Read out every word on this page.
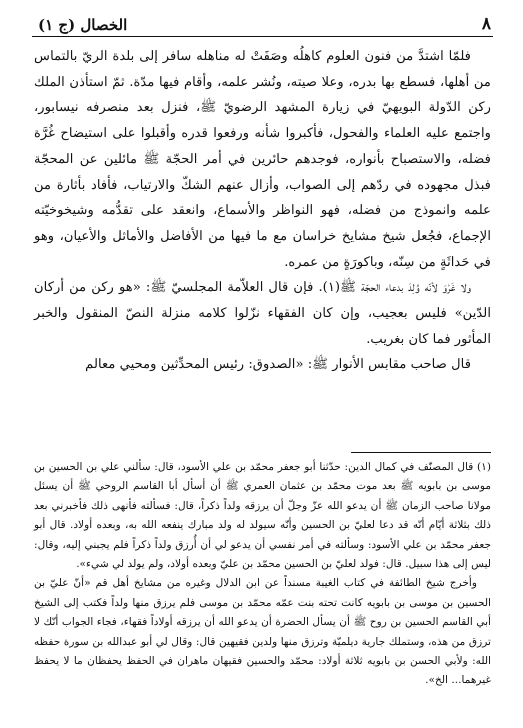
٨
الخصال (ج ١)

فلمّا اشتدَّ من فنون العلوم كاهلُه وصَفَتْ له مناهله سافر إلى بلدة الريّ بالتماس من أهلها، فسطع بها بدره، وعلا صيته، ونُشر علمه، وأقام فيها مدّة. ثمّ استأذن الملك ركن الدّولة البويهيّ في زيارة المشهد الرضويّ ﷺ، فنزل بعد منصرفه نيسابور، واجتمع عليه العلماء والفحول، فأكبروا شأنه ورفعوا قدره وأقبلوا على استيضاح غُرَّة فضله، والاستصباح بأنواره، فوجدهم حائرين في أمر الحجّة ﷺ مائلين عن المحجّة فبذل مجهوده في ردّهم إلى الصواب، وأزال عنهم الشكّ والارتياب، فأفاد بأثارة من علمه وانموذج من فضله، فهو النواظر والأسماع، وانعقد على تقدُّمه وشيخوخيّته الإجماع، فجُعل شيخ مشايخ خراسان مع ما فيها من الأفاضل والأماثل والأعيان، وهو في حَداثَةٍ من سِنّه، وباكورَةٍ من عمره.

ولا غَرْوَ لأنّه وُلِدَ بدعاء الحجّة ﷺ(١). فإن قال العلاّمة المجلسيّ ﷺ: «هو ركن من أركان الدّين» فليس بعجيب، وإن كان الفقهاء نزّلوا كلامه منزلة النصّ المنقول والخبر المأثور فما كان بغريب.

قال صاحب مقابس الأنوار ﷺ: «الصدوق: رئيس المحدِّثين ومحيي معالم

(١) قال المصنّف في كمال الدين: حدّثنا أبو جعفر محمّد بن علي الأسود، قال: سألني علي بن الحسين بن موسى بن بابويه ﷺ بعد موت محمّد بن عثمان العمري ﷺ أن أسأل أبا القاسم الروحي ﷺ أن يسئل مولانا صاحب الزمان ﷺ أن يدعو الله عزّ وجلّ أن يرزقه ولداً ذكراً، قال: فسألته فأنهى ذلك فأخبرني بعد ذلك بثلاثة أيّام أنّه قد دعا لعليّ بن الحسين وأنّه سيولد له ولد مبارك ينفعه الله به، وبعده أولاد. قال أبو جعفر محمّد بن علي الأسود: وسألته في أمر نفسي أن يدعو لي أن أُرزق ولداً ذكراً فلم يجبني إليه، وقال: ليس إلى هذا سبيل. قال: فولد لعليّ بن الحسين محمّد بن عليّ وبعده أولاد، ولم يولد لي شيء».

وأخرج شيخ الطائفة في كتاب الغيبة مسنداً عن ابن الدلال وغيره من مشايخ أهل قم «أنّ عليّ بن الحسين بن موسى بن بابويه كانت تحته بنت عمّه محمّد بن موسى فلم يرزق منها ولداً فكتب إلى الشيخ أبي القاسم الحسين بن روح ﷺ أن يسأل الحضرة أن يدعو الله أن يرزقه أولاداً فقهاء، فجاء الجواب أنّك لا ترزق من هذه، وستملك جارية ديلميّة وترزق منها ولدين فقيهين قال: وقال لي أبو عبدالله بن سورة حفظه الله: ولأبي الحسن بن بابويه ثلاثة أولاد: محمّد والحسين فقيهان ماهران في الحفظ يحفظان ما لا يحفظ غيرهما... الخ».
